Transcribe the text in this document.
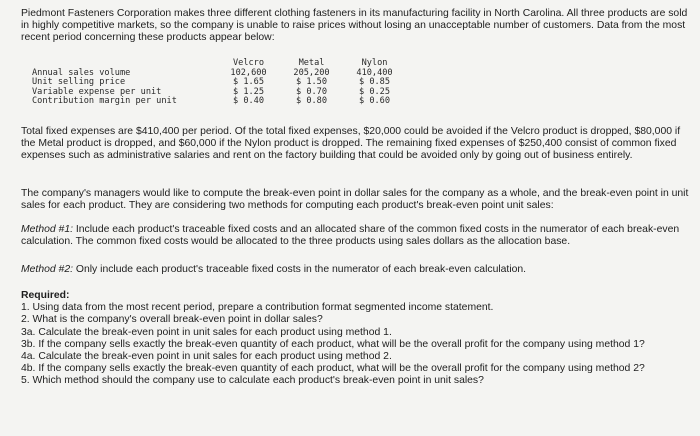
Piedmont Fasteners Corporation makes three different clothing fasteners in its manufacturing facility in North Carolina. All three products are sold in highly competitive markets, so the company is unable to raise prices without losing an unacceptable number of customers. Data from the most recent period concerning these products appear below:
	Velcro	Metal	Nylon
Annual sales volume	102,600	205,200	410,400
Unit selling price	$ 1.65	$ 1.50	$ 0.85
Variable expense per unit	$ 1.25	$ 0.70	$ 0.25
Contribution margin per unit	$ 0.40	$ 0.80	$ 0.60
Total fixed expenses are $410,400 per period. Of the total fixed expenses, $20,000 could be avoided if the Velcro product is dropped, $80,000 if the Metal product is dropped, and $60,000 if the Nylon product is dropped. The remaining fixed expenses of $250,400 consist of common fixed expenses such as administrative salaries and rent on the factory building that could be avoided only by going out of business entirely.
The company's managers would like to compute the break-even point in dollar sales for the company as a whole, and the break-even point in unit sales for each product. They are considering two methods for computing each product's break-even point unit sales:
Method #1: Include each product's traceable fixed costs and an allocated share of the common fixed costs in the numerator of each break-even calculation. The common fixed costs would be allocated to the three products using sales dollars as the allocation base.
Method #2: Only include each product's traceable fixed costs in the numerator of each break-even calculation.
Required:
1. Using data from the most recent period, prepare a contribution format segmented income statement.
2. What is the company's overall break-even point in dollar sales?
3a. Calculate the break-even point in unit sales for each product using method 1.
3b. If the company sells exactly the break-even quantity of each product, what will be the overall profit for the company using method 1?
4a. Calculate the break-even point in unit sales for each product using method 2.
4b. If the company sells exactly the break-even quantity of each product, what will be the overall profit for the company using method 2?
5. Which method should the company use to calculate each product's break-even point in unit sales?
